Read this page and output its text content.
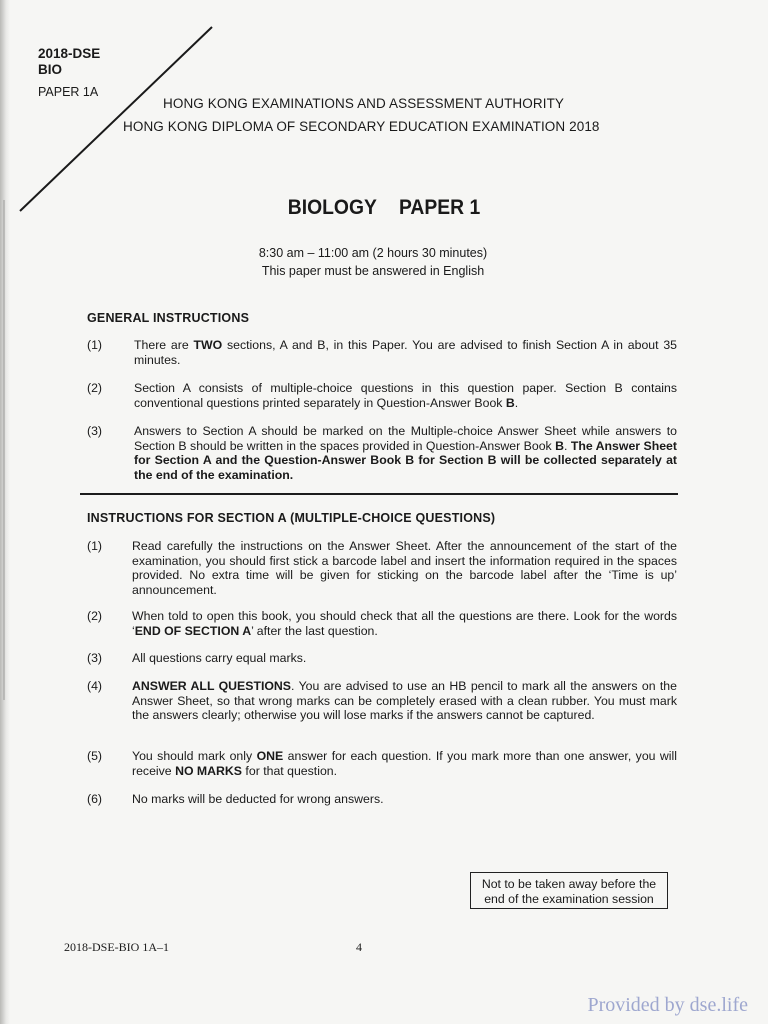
2018-DSE
BIO
PAPER 1A
HONG KONG EXAMINATIONS AND ASSESSMENT AUTHORITY
HONG KONG DIPLOMA OF SECONDARY EDUCATION EXAMINATION 2018
BIOLOGY PAPER 1
8:30 am – 11:00 am (2 hours 30 minutes)
This paper must be answered in English
GENERAL INSTRUCTIONS
(1)	There are TWO sections, A and B, in this Paper. You are advised to finish Section A in about 35 minutes.
(2)	Section A consists of multiple-choice questions in this question paper. Section B contains conventional questions printed separately in Question-Answer Book B.
(3)	Answers to Section A should be marked on the Multiple-choice Answer Sheet while answers to Section B should be written in the spaces provided in Question-Answer Book B. The Answer Sheet for Section A and the Question-Answer Book B for Section B will be collected separately at the end of the examination.
INSTRUCTIONS FOR SECTION A (MULTIPLE-CHOICE QUESTIONS)
(1)	Read carefully the instructions on the Answer Sheet. After the announcement of the start of the examination, you should first stick a barcode label and insert the information required in the spaces provided. No extra time will be given for sticking on the barcode label after the ‘Time is up’ announcement.
(2)	When told to open this book, you should check that all the questions are there. Look for the words ‘END OF SECTION A’ after the last question.
(3)	All questions carry equal marks.
(4)	ANSWER ALL QUESTIONS. You are advised to use an HB pencil to mark all the answers on the Answer Sheet, so that wrong marks can be completely erased with a clean rubber. You must mark the answers clearly; otherwise you will lose marks if the answers cannot be captured.
(5)	You should mark only ONE answer for each question. If you mark more than one answer, you will receive NO MARKS for that question.
(6)	No marks will be deducted for wrong answers.
Not to be taken away before the
end of the examination session
2018-DSE-BIO 1A–1	4
Provided by dse.life
